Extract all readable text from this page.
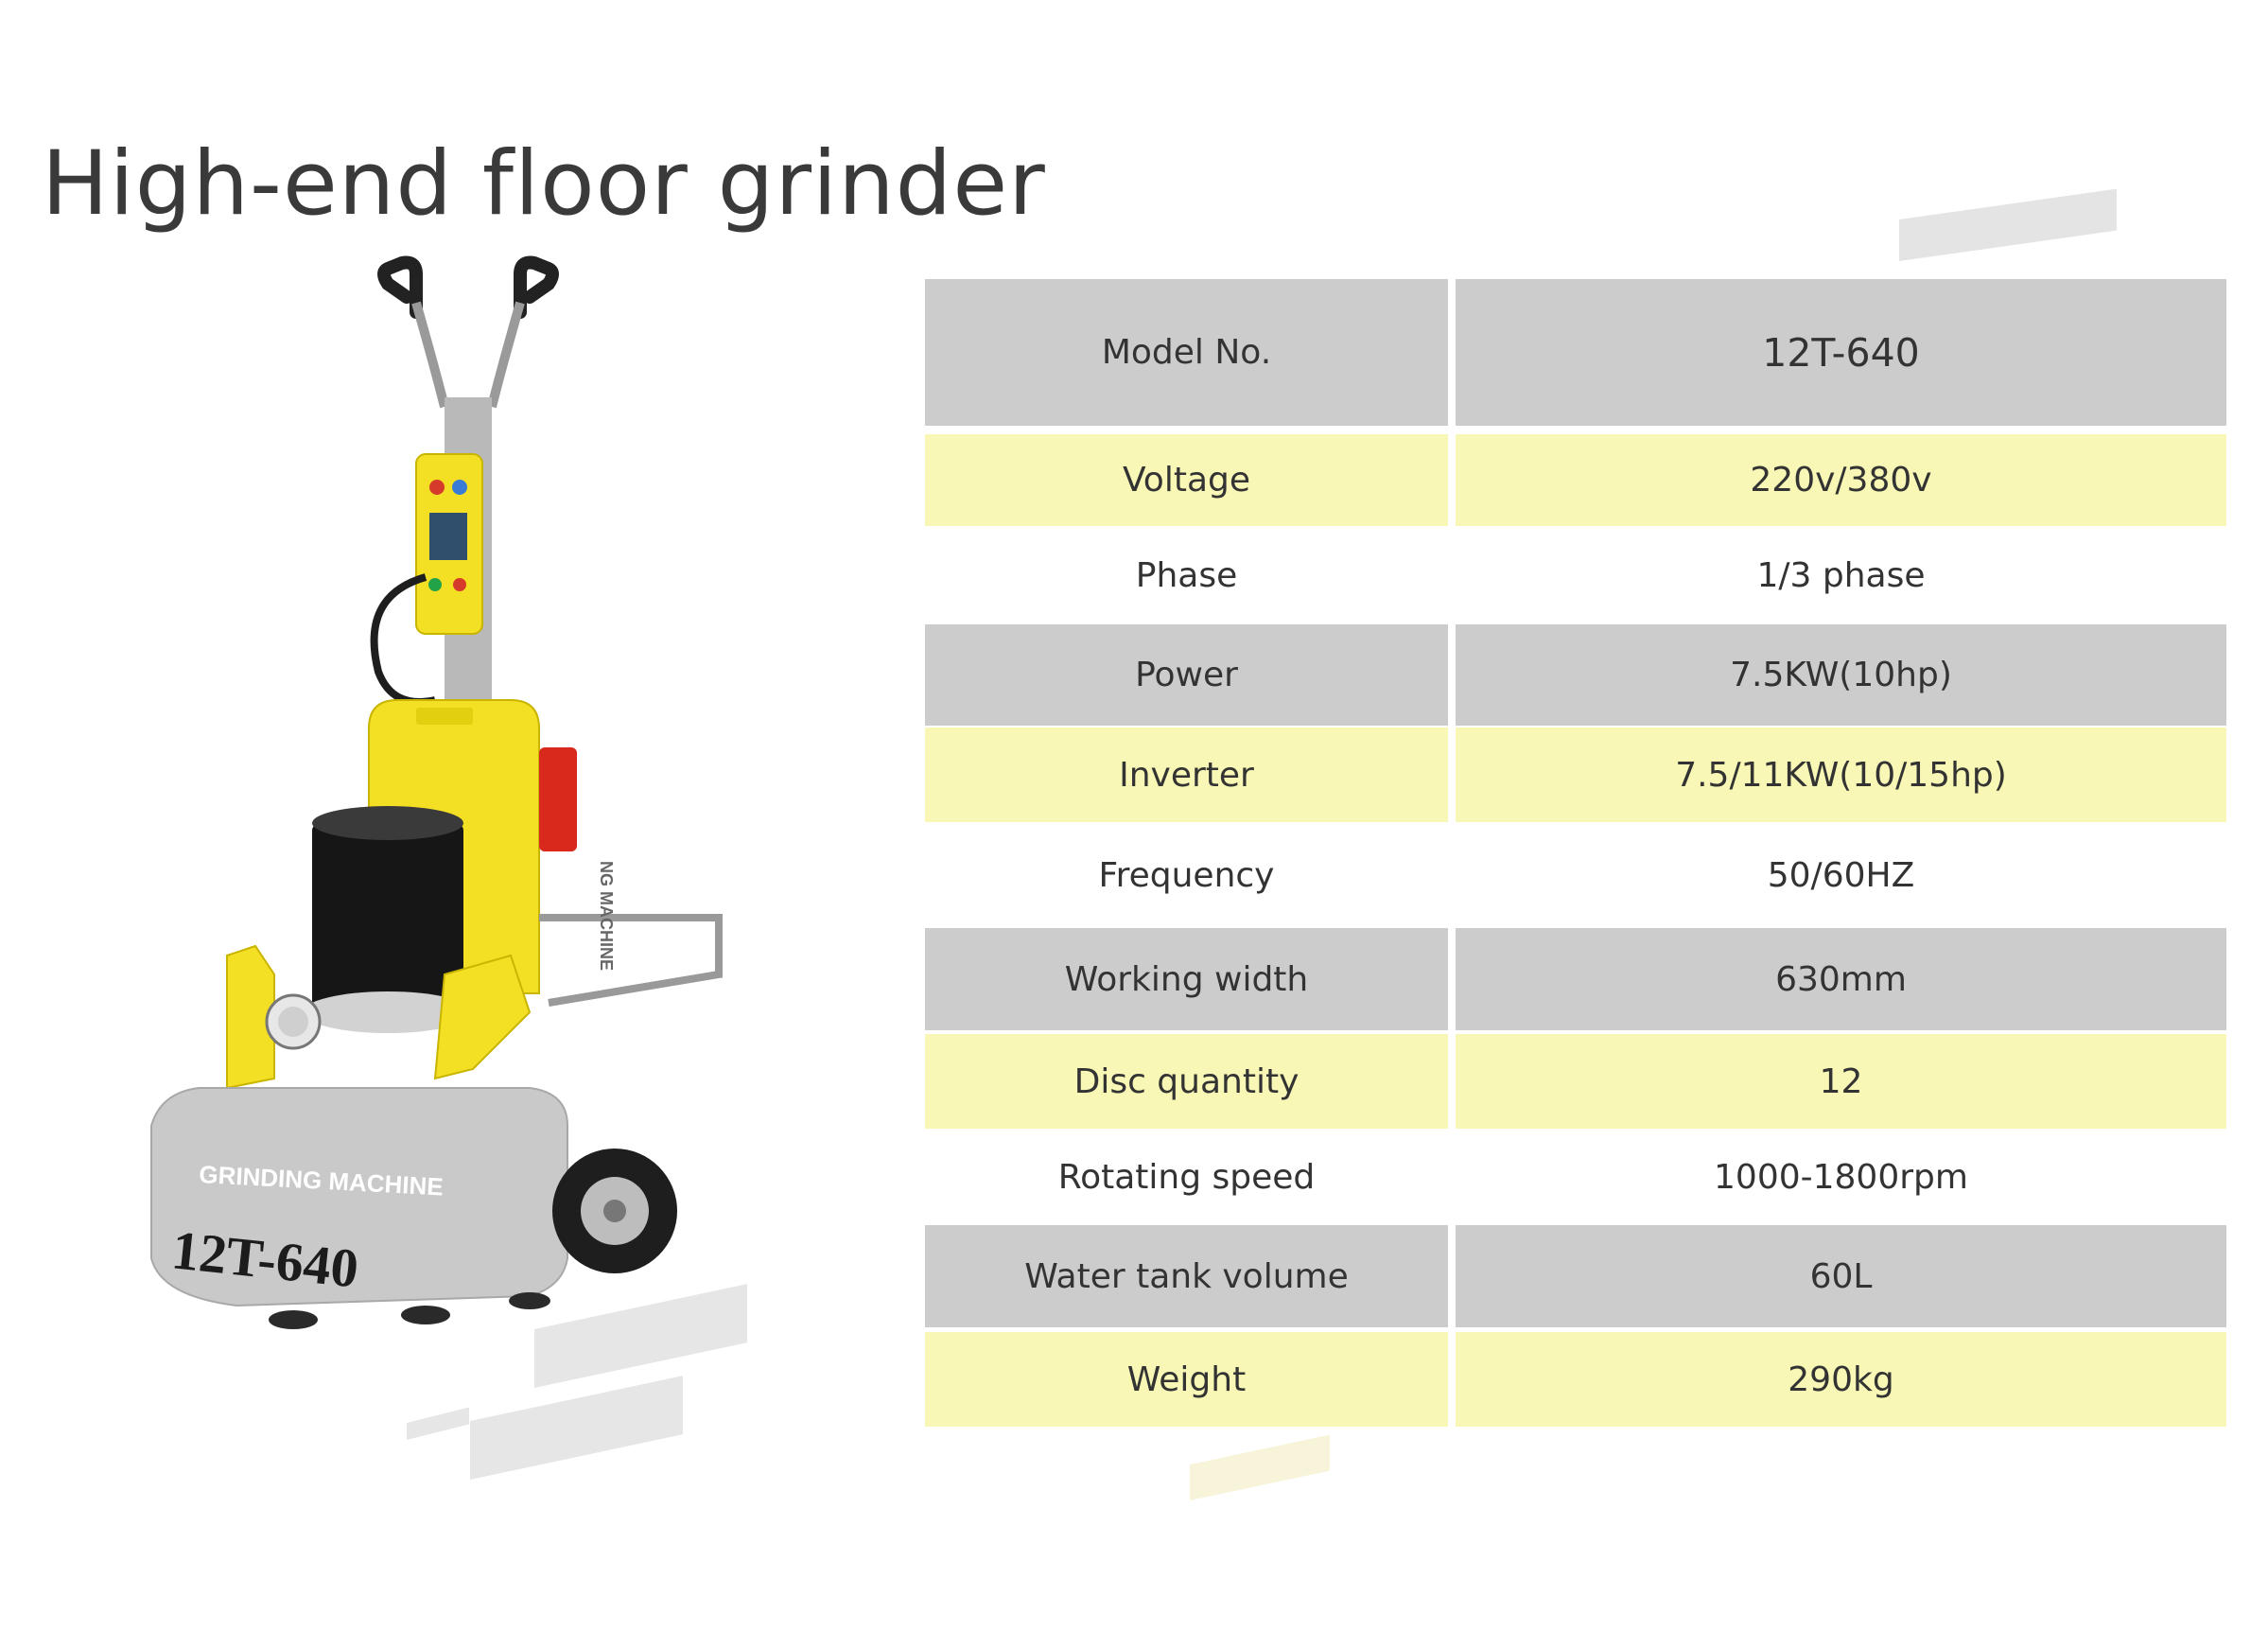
High-end floor grinder
GRINDING MACHINE
12T-640
NG MACHINE
Model No.	12T-640
Voltage	220v/380v
Phase	1/3 phase
Power	7.5KW(10hp)
Inverter	7.5/11KW(10/15hp)
Frequency	50/60HZ
Working width	630mm
Disc quantity	12
Rotating speed	1000-1800rpm
Water tank volume	60L
Weight	290kg
